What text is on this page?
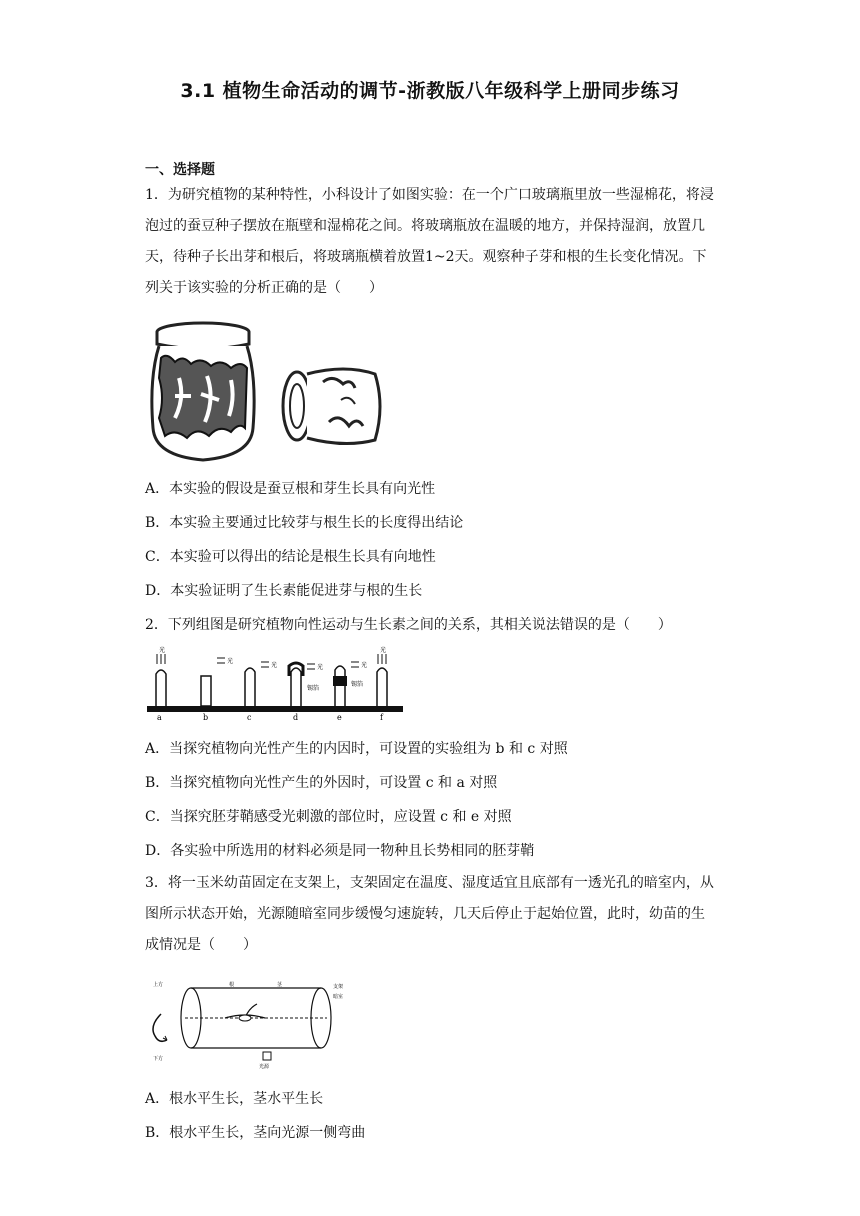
3.1 植物生命活动的调节-浙教版八年级科学上册同步练习
一、选择题
1．为研究植物的某种特性，小科设计了如图实验：在一个广口玻璃瓶里放一些湿棉花，将浸泡过的蚕豆种子摆放在瓶壁和湿棉花之间。将玻璃瓶放在温暖的地方，并保持湿润，放置几天，待种子长出芽和根后，将玻璃瓶横着放置1~2天。观察种子芽和根的生长变化情况。下列关于该实验的分析正确的是（　　）
A．本实验的假设是蚕豆根和芽生长具有向光性
B．本实验主要通过比较芽与根生长的长度得出结论
C．本实验可以得出的结论是根生长具有向地性
D．本实验证明了生长素能促进芽与根的生长
2．下列组图是研究植物向性运动与生长素之间的关系，其相关说法错误的是（　　）
光
a
光
b
光
c
光
锡箔
d
光
锡箔
e
光
f
A．当探究植物向光性产生的内因时，可设置的实验组为 b 和 c 对照
B．当探究植物向光性产生的外因时，可设置 c 和 a 对照
C．当探究胚芽鞘感受光刺激的部位时，应设置 c 和 e 对照
D．各实验中所选用的材料必须是同一物种且长势相同的胚芽鞘
3．将一玉米幼苗固定在支架上，支架固定在温度、湿度适宜且底部有一透光孔的暗室内，从图所示状态开始，光源随暗室同步缓慢匀速旋转，几天后停止于起始位置，此时，幼苗的生成情况是（　　）
上方
下方
根	茎	支架
暗室
光源
A．根水平生长，茎水平生长
B．根水平生长，茎向光源一侧弯曲
